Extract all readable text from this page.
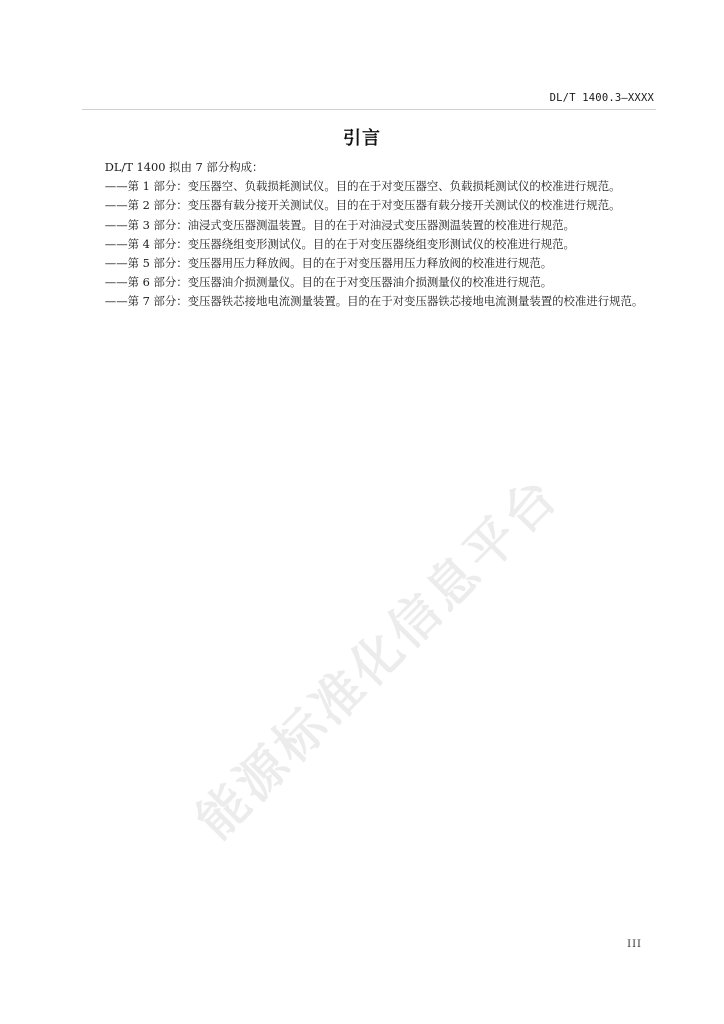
DL/T 1400.3—XXXX
引言

DL/T 1400 拟由 7 部分构成：

——第 1 部分：变压器空、负载损耗测试仪。目的在于对变压器空、负载损耗测试仪的校准进行规范。

——第 2 部分：变压器有载分接开关测试仪。目的在于对变压器有载分接开关测试仪的校准进行规范。

——第 3 部分：油浸式变压器测温装置。目的在于对油浸式变压器测温装置的校准进行规范。

——第 4 部分：变压器绕组变形测试仪。目的在于对变压器绕组变形测试仪的校准进行规范。

——第 5 部分：变压器用压力释放阀。目的在于对变压器用压力释放阀的校准进行规范。

——第 6 部分：变压器油介损测量仪。目的在于对变压器油介损测量仪的校准进行规范。

——第 7 部分：变压器铁芯接地电流测量装置。目的在于对变压器铁芯接地电流测量装置的校准进行规范。

能源标准化信息平台
III
